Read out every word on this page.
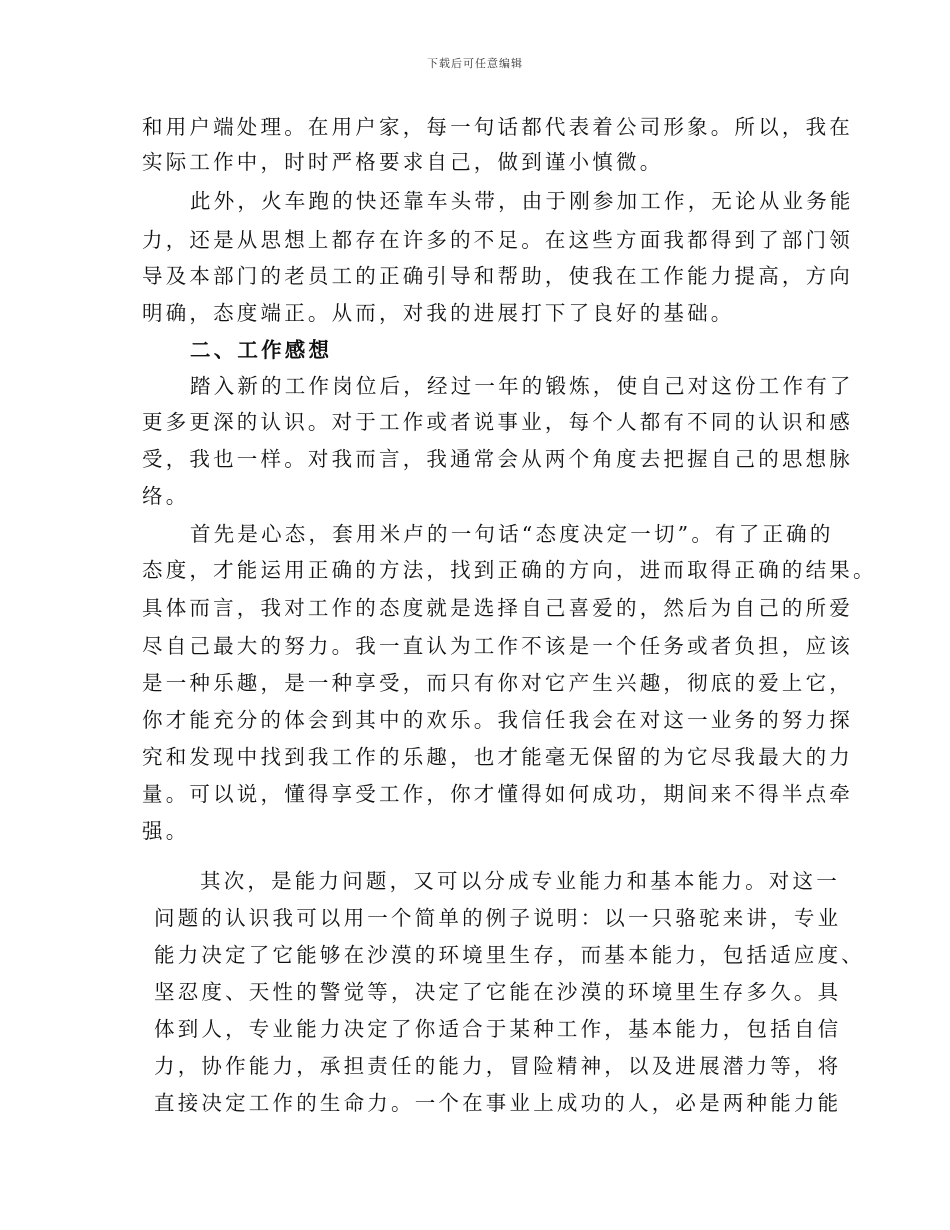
下载后可任意编辑
和用户端处理。在用户家，每一句话都代表着公司形象。所以，我在
实际工作中，时时严格要求自己，做到谨小慎微。
此外，火车跑的快还靠车头带，由于刚参加工作，无论从业务能
力，还是从思想上都存在许多的不足。在这些方面我都得到了部门领
导及本部门的老员工的正确引导和帮助，使我在工作能力提高，方向
明确，态度端正。从而，对我的进展打下了良好的基础。
二、工作感想
踏入新的工作岗位后，经过一年的锻炼，使自己对这份工作有了
更多更深的认识。对于工作或者说事业，每个人都有不同的认识和感
受，我也一样。对我而言，我通常会从两个角度去把握自己的思想脉
络。
首先是心态，套用米卢的一句话“态度决定一切”。有了正确的
态度，才能运用正确的方法，找到正确的方向，进而取得正确的结果。
具体而言，我对工作的态度就是选择自己喜爱的，然后为自己的所爱
尽自己最大的努力。我一直认为工作不该是一个任务或者负担，应该
是一种乐趣，是一种享受，而只有你对它产生兴趣，彻底的爱上它，
你才能充分的体会到其中的欢乐。我信任我会在对这一业务的努力探
究和发现中找到我工作的乐趣，也才能毫无保留的为它尽我最大的力
量。可以说，懂得享受工作，你才懂得如何成功，期间来不得半点牵
强。
其次，是能力问题，又可以分成专业能力和基本能力。对这一
问题的认识我可以用一个简单的例子说明：以一只骆驼来讲，专业
能力决定了它能够在沙漠的环境里生存，而基本能力，包括适应度、
坚忍度、天性的警觉等，决定了它能在沙漠的环境里生存多久。具
体到人，专业能力决定了你适合于某种工作，基本能力，包括自信
力，协作能力，承担责任的能力，冒险精神，以及进展潜力等，将
直接决定工作的生命力。一个在事业上成功的人，必是两种能力能
